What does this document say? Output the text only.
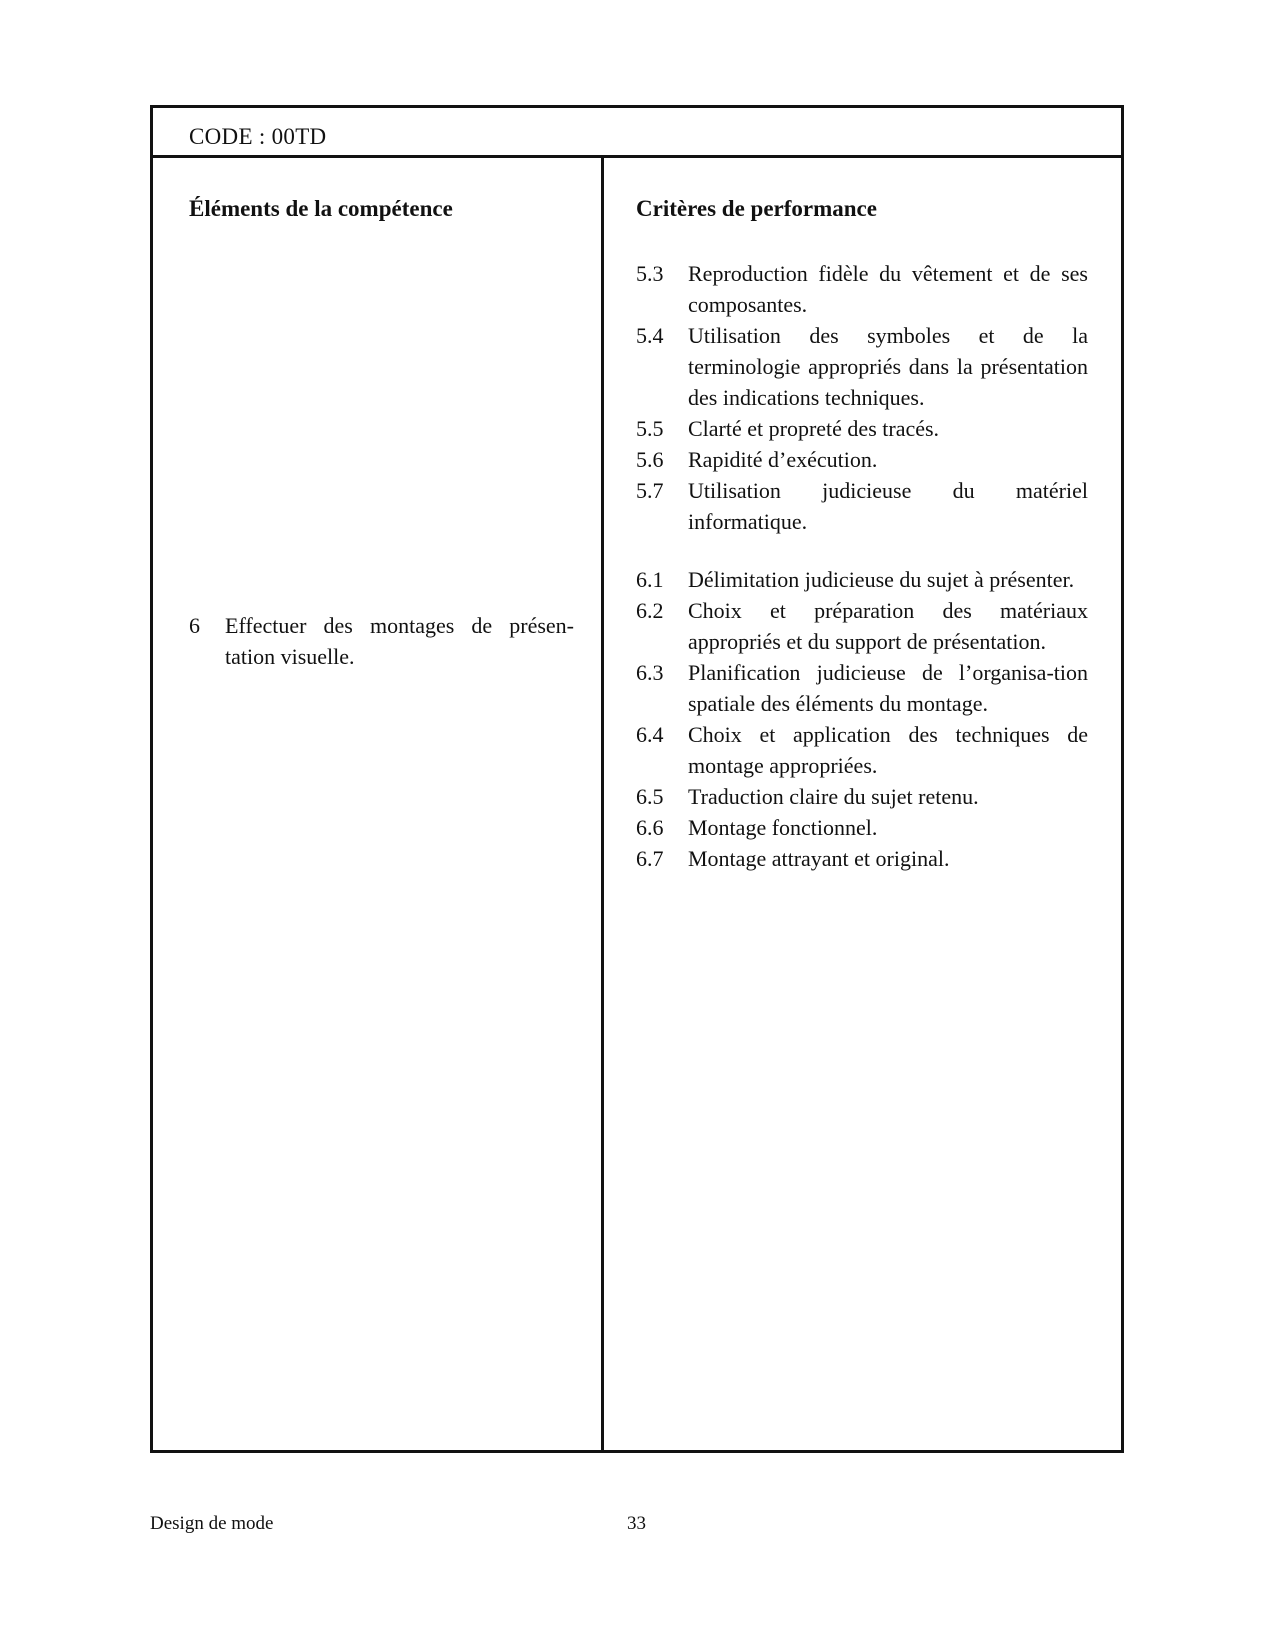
CODE : 00TD
Éléments de la compétence
6	Effectuer des montages de présen-tation visuelle.
Critères de performance
5.3	Reproduction fidèle du vêtement et de ses composantes.
5.4	Utilisation des symboles et de la terminologie appropriés dans la présentation des indications techniques.
5.5	Clarté et propreté des tracés.
5.6	Rapidité d’exécution.
5.7	Utilisation judicieuse du matériel informatique.
6.1	Délimitation judicieuse du sujet à présenter.
6.2	Choix et préparation des matériaux appropriés et du support de présentation.
6.3	Planification judicieuse de l’organisa-tion spatiale des éléments du montage.
6.4	Choix et application des techniques de montage appropriées.
6.5	Traduction claire du sujet retenu.
6.6	Montage fonctionnel.
6.7	Montage attrayant et original.
Design de mode	33
